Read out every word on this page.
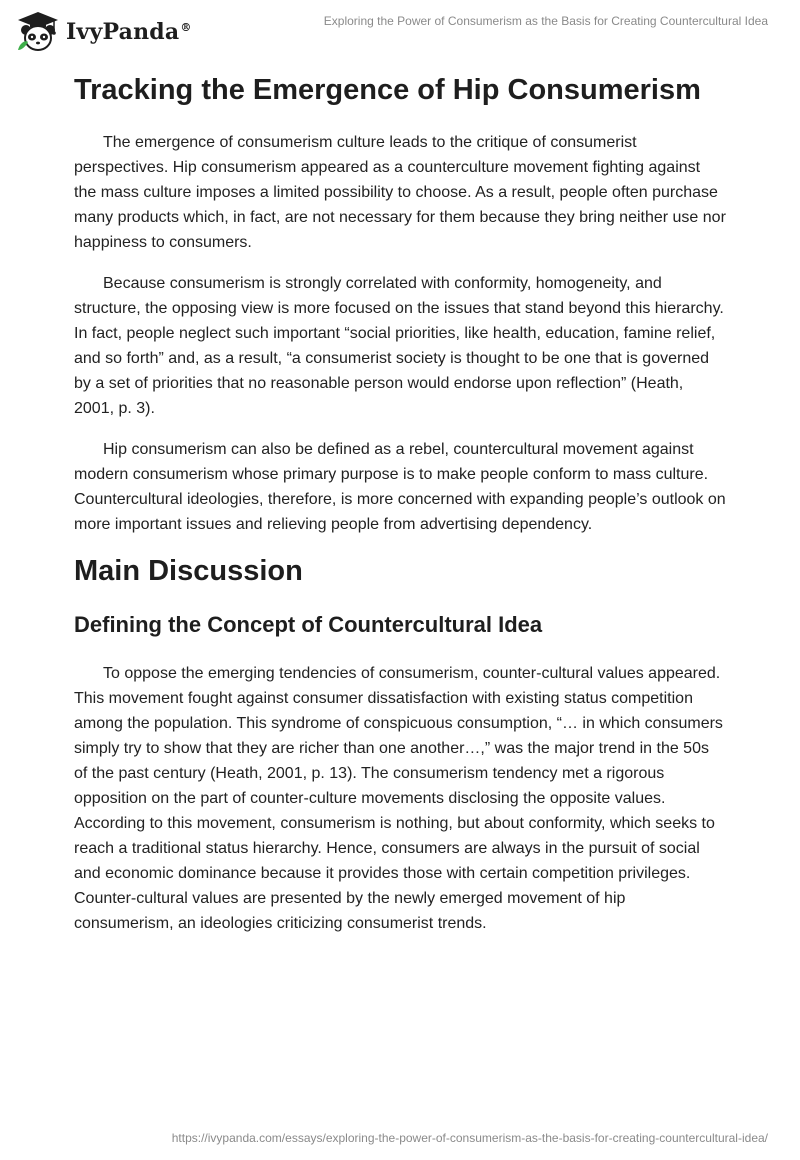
IvyPanda®	Exploring the Power of Consumerism as the Basis for Creating Countercultural Idea
Tracking the Emergence of Hip Consumerism

The emergence of consumerism culture leads to the critique of consumerist perspectives. Hip consumerism appeared as a counterculture movement fighting against the mass culture imposes a limited possibility to choose. As a result, people often purchase many products which, in fact, are not necessary for them because they bring neither use nor happiness to consumers.

Because consumerism is strongly correlated with conformity, homogeneity, and structure, the opposing view is more focused on the issues that stand beyond this hierarchy. In fact, people neglect such important “social priorities, like health, education, famine relief, and so forth” and, as a result, “a consumerist society is thought to be one that is governed by a set of priorities that no reasonable person would endorse upon reflection” (Heath, 2001, p. 3).

Hip consumerism can also be defined as a rebel, countercultural movement against modern consumerism whose primary purpose is to make people conform to mass culture. Countercultural ideologies, therefore, is more concerned with expanding people’s outlook on more important issues and relieving people from advertising dependency.

Main Discussion
Defining the Concept of Countercultural Idea

To oppose the emerging tendencies of consumerism, counter-cultural values appeared. This movement fought against consumer dissatisfaction with existing status competition among the population. This syndrome of conspicuous consumption, “… in which consumers simply try to show that they are richer than one another…,” was the major trend in the 50s of the past century (Heath, 2001, p. 13). The consumerism tendency met a rigorous opposition on the part of counter-culture movements disclosing the opposite values. According to this movement, consumerism is nothing, but about conformity, which seeks to reach a traditional status hierarchy. Hence, consumers are always in the pursuit of social and economic dominance because it provides those with certain competition privileges. Counter-cultural values are presented by the newly emerged movement of hip consumerism, an ideologies criticizing consumerist trends.

https://ivypanda.com/essays/exploring-the-power-of-consumerism-as-the-basis-for-creating-countercultural-idea/
